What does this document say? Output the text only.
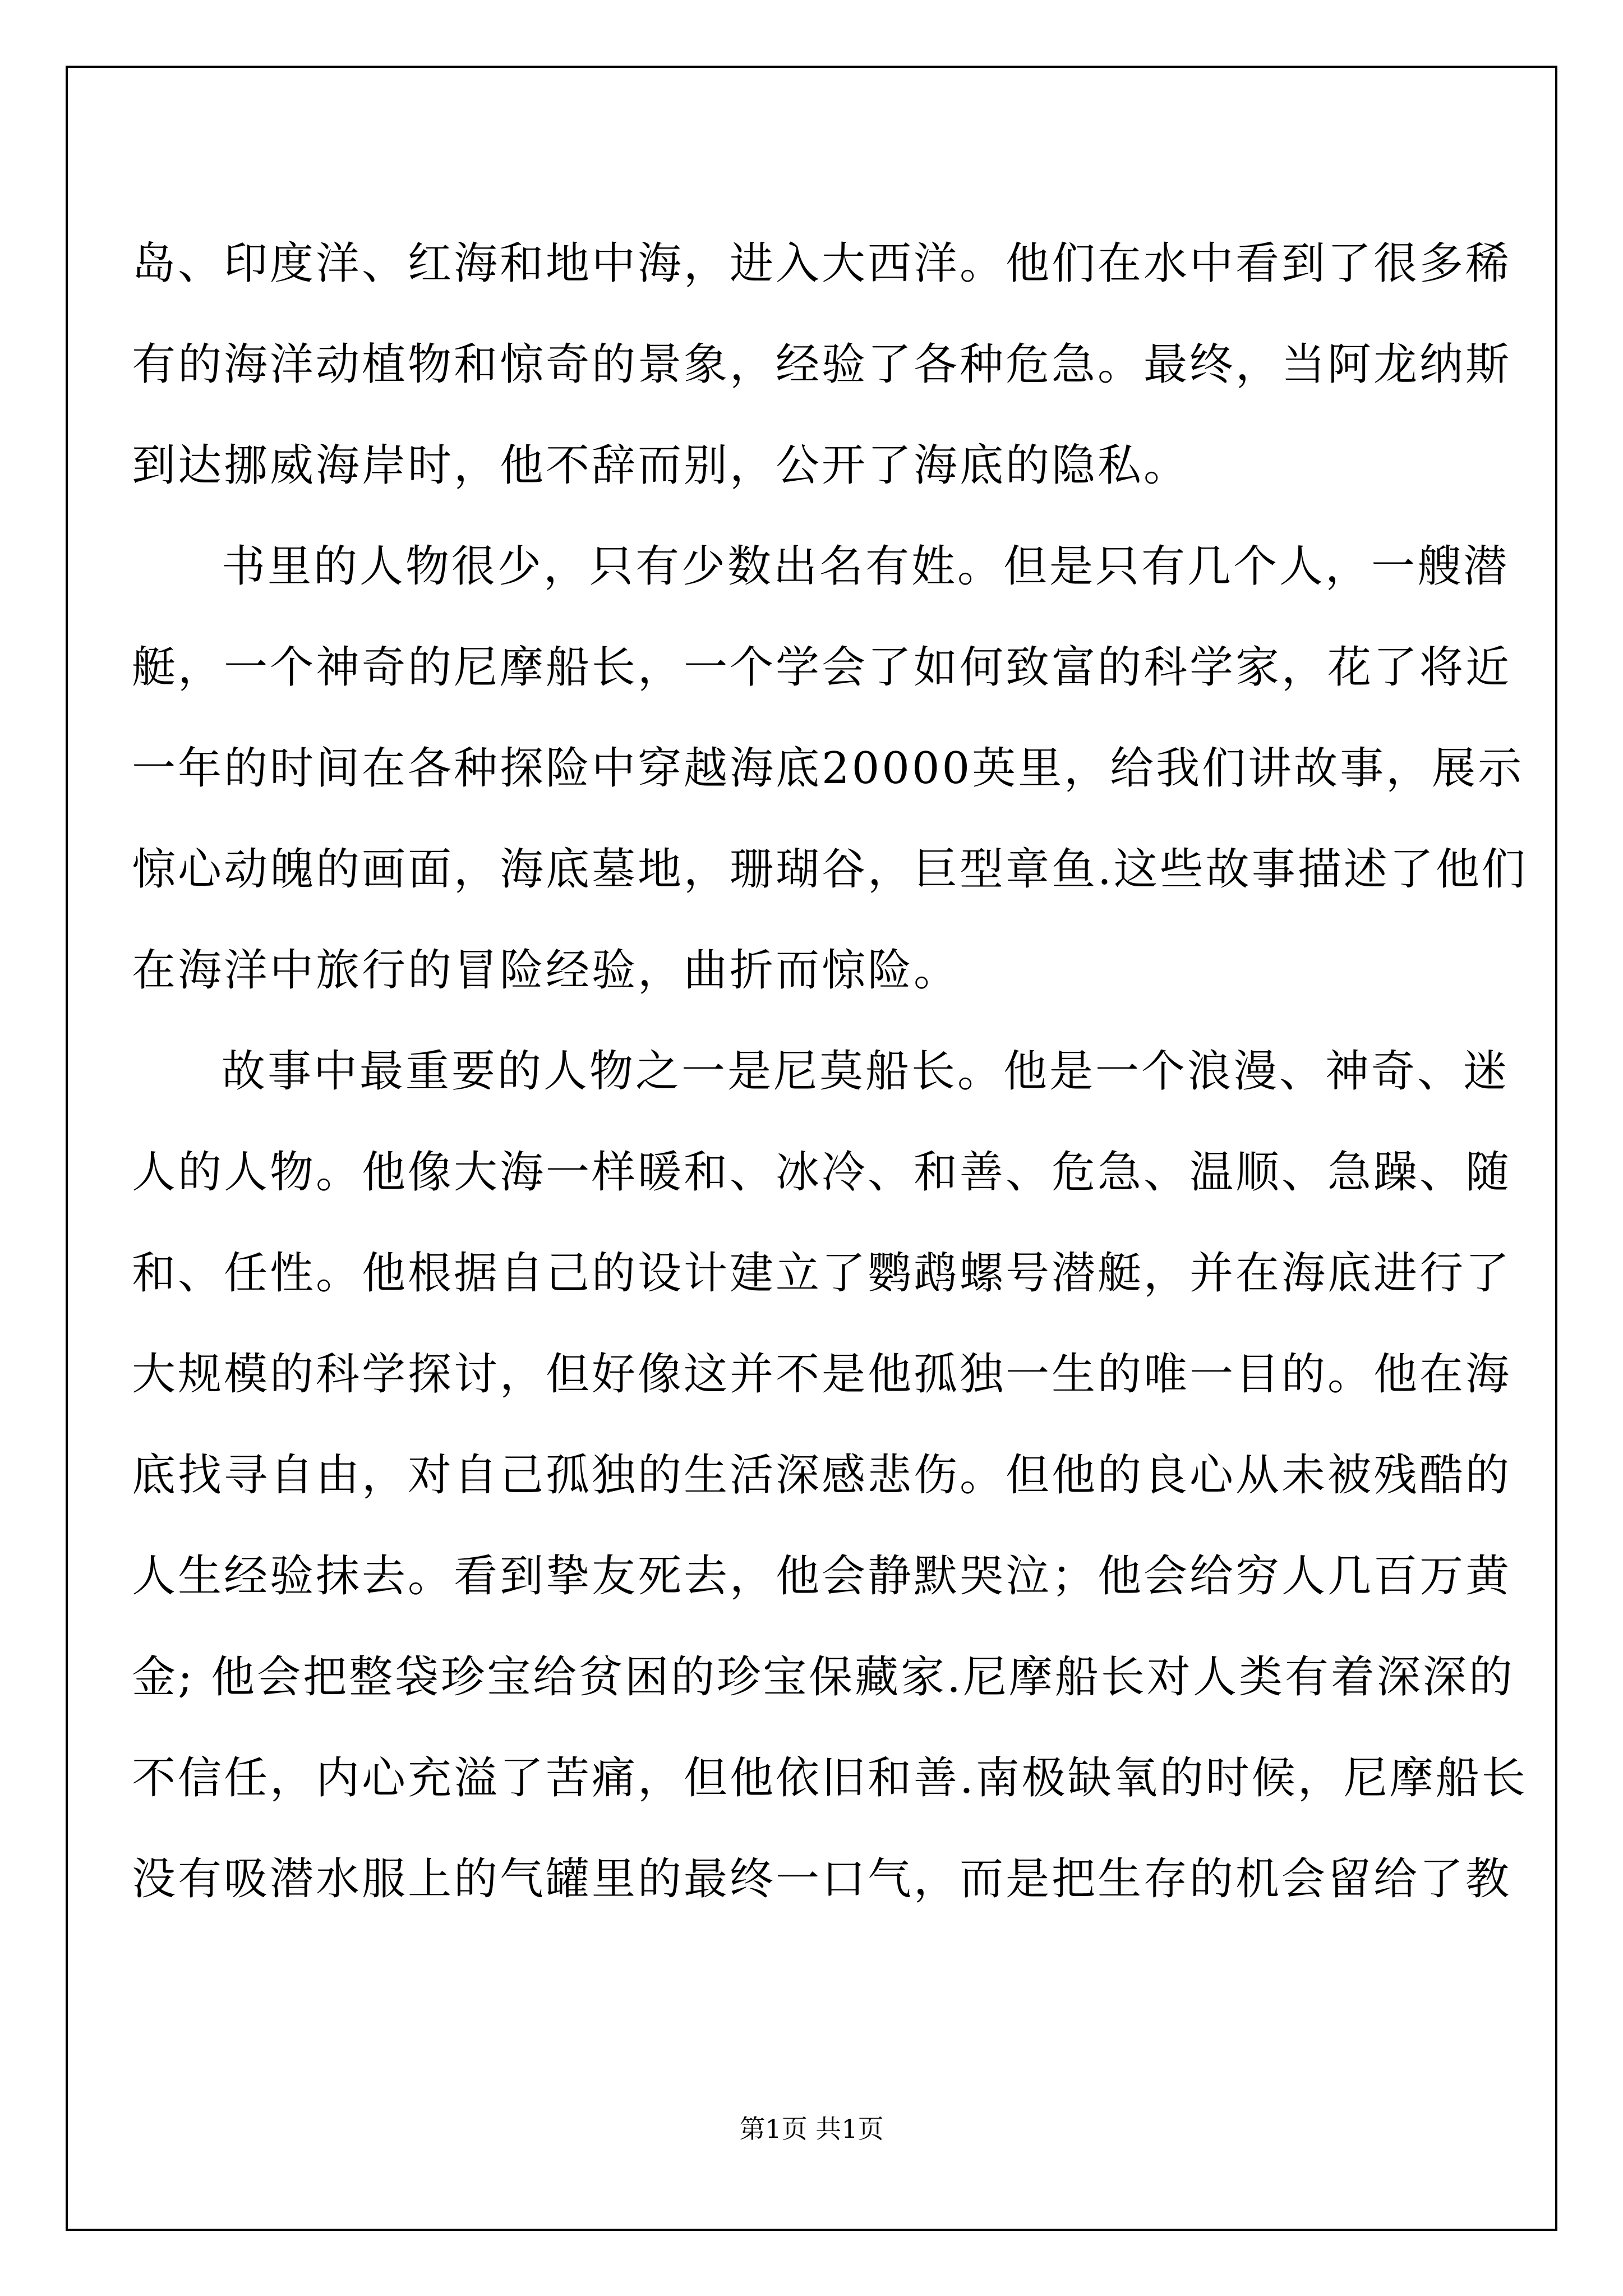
岛、印度洋、红海和地中海，进入大西洋。他们在水中看到了很多稀
有的海洋动植物和惊奇的景象，经验了各种危急。最终，当阿龙纳斯
到达挪威海岸时，他不辞而别，公开了海底的隐私。
书里的人物很少，只有少数出名有姓。但是只有几个人，一艘潜
艇，一个神奇的尼摩船长，一个学会了如何致富的科学家，花了将近
一年的时间在各种探险中穿越海底20000英里，给我们讲故事，展示
惊心动魄的画面，海底墓地，珊瑚谷，巨型章鱼.这些故事描述了他们
在海洋中旅行的冒险经验，曲折而惊险。
故事中最重要的人物之一是尼莫船长。他是一个浪漫、神奇、迷
人的人物。他像大海一样暖和、冰冷、和善、危急、温顺、急躁、随
和、任性。他根据自己的设计建立了鹦鹉螺号潜艇，并在海底进行了
大规模的科学探讨，但好像这并不是他孤独一生的唯一目的。他在海
底找寻自由，对自己孤独的生活深感悲伤。但他的良心从未被残酷的
人生经验抹去。看到挚友死去，他会静默哭泣；他会给穷人几百万黄
金; 他会把整袋珍宝给贫困的珍宝保藏家.尼摩船长对人类有着深深的
不信任，内心充溢了苦痛，但他依旧和善.南极缺氧的时候，尼摩船长
没有吸潜水服上的气罐里的最终一口气，而是把生存的机会留给了教
第1页 共1页
